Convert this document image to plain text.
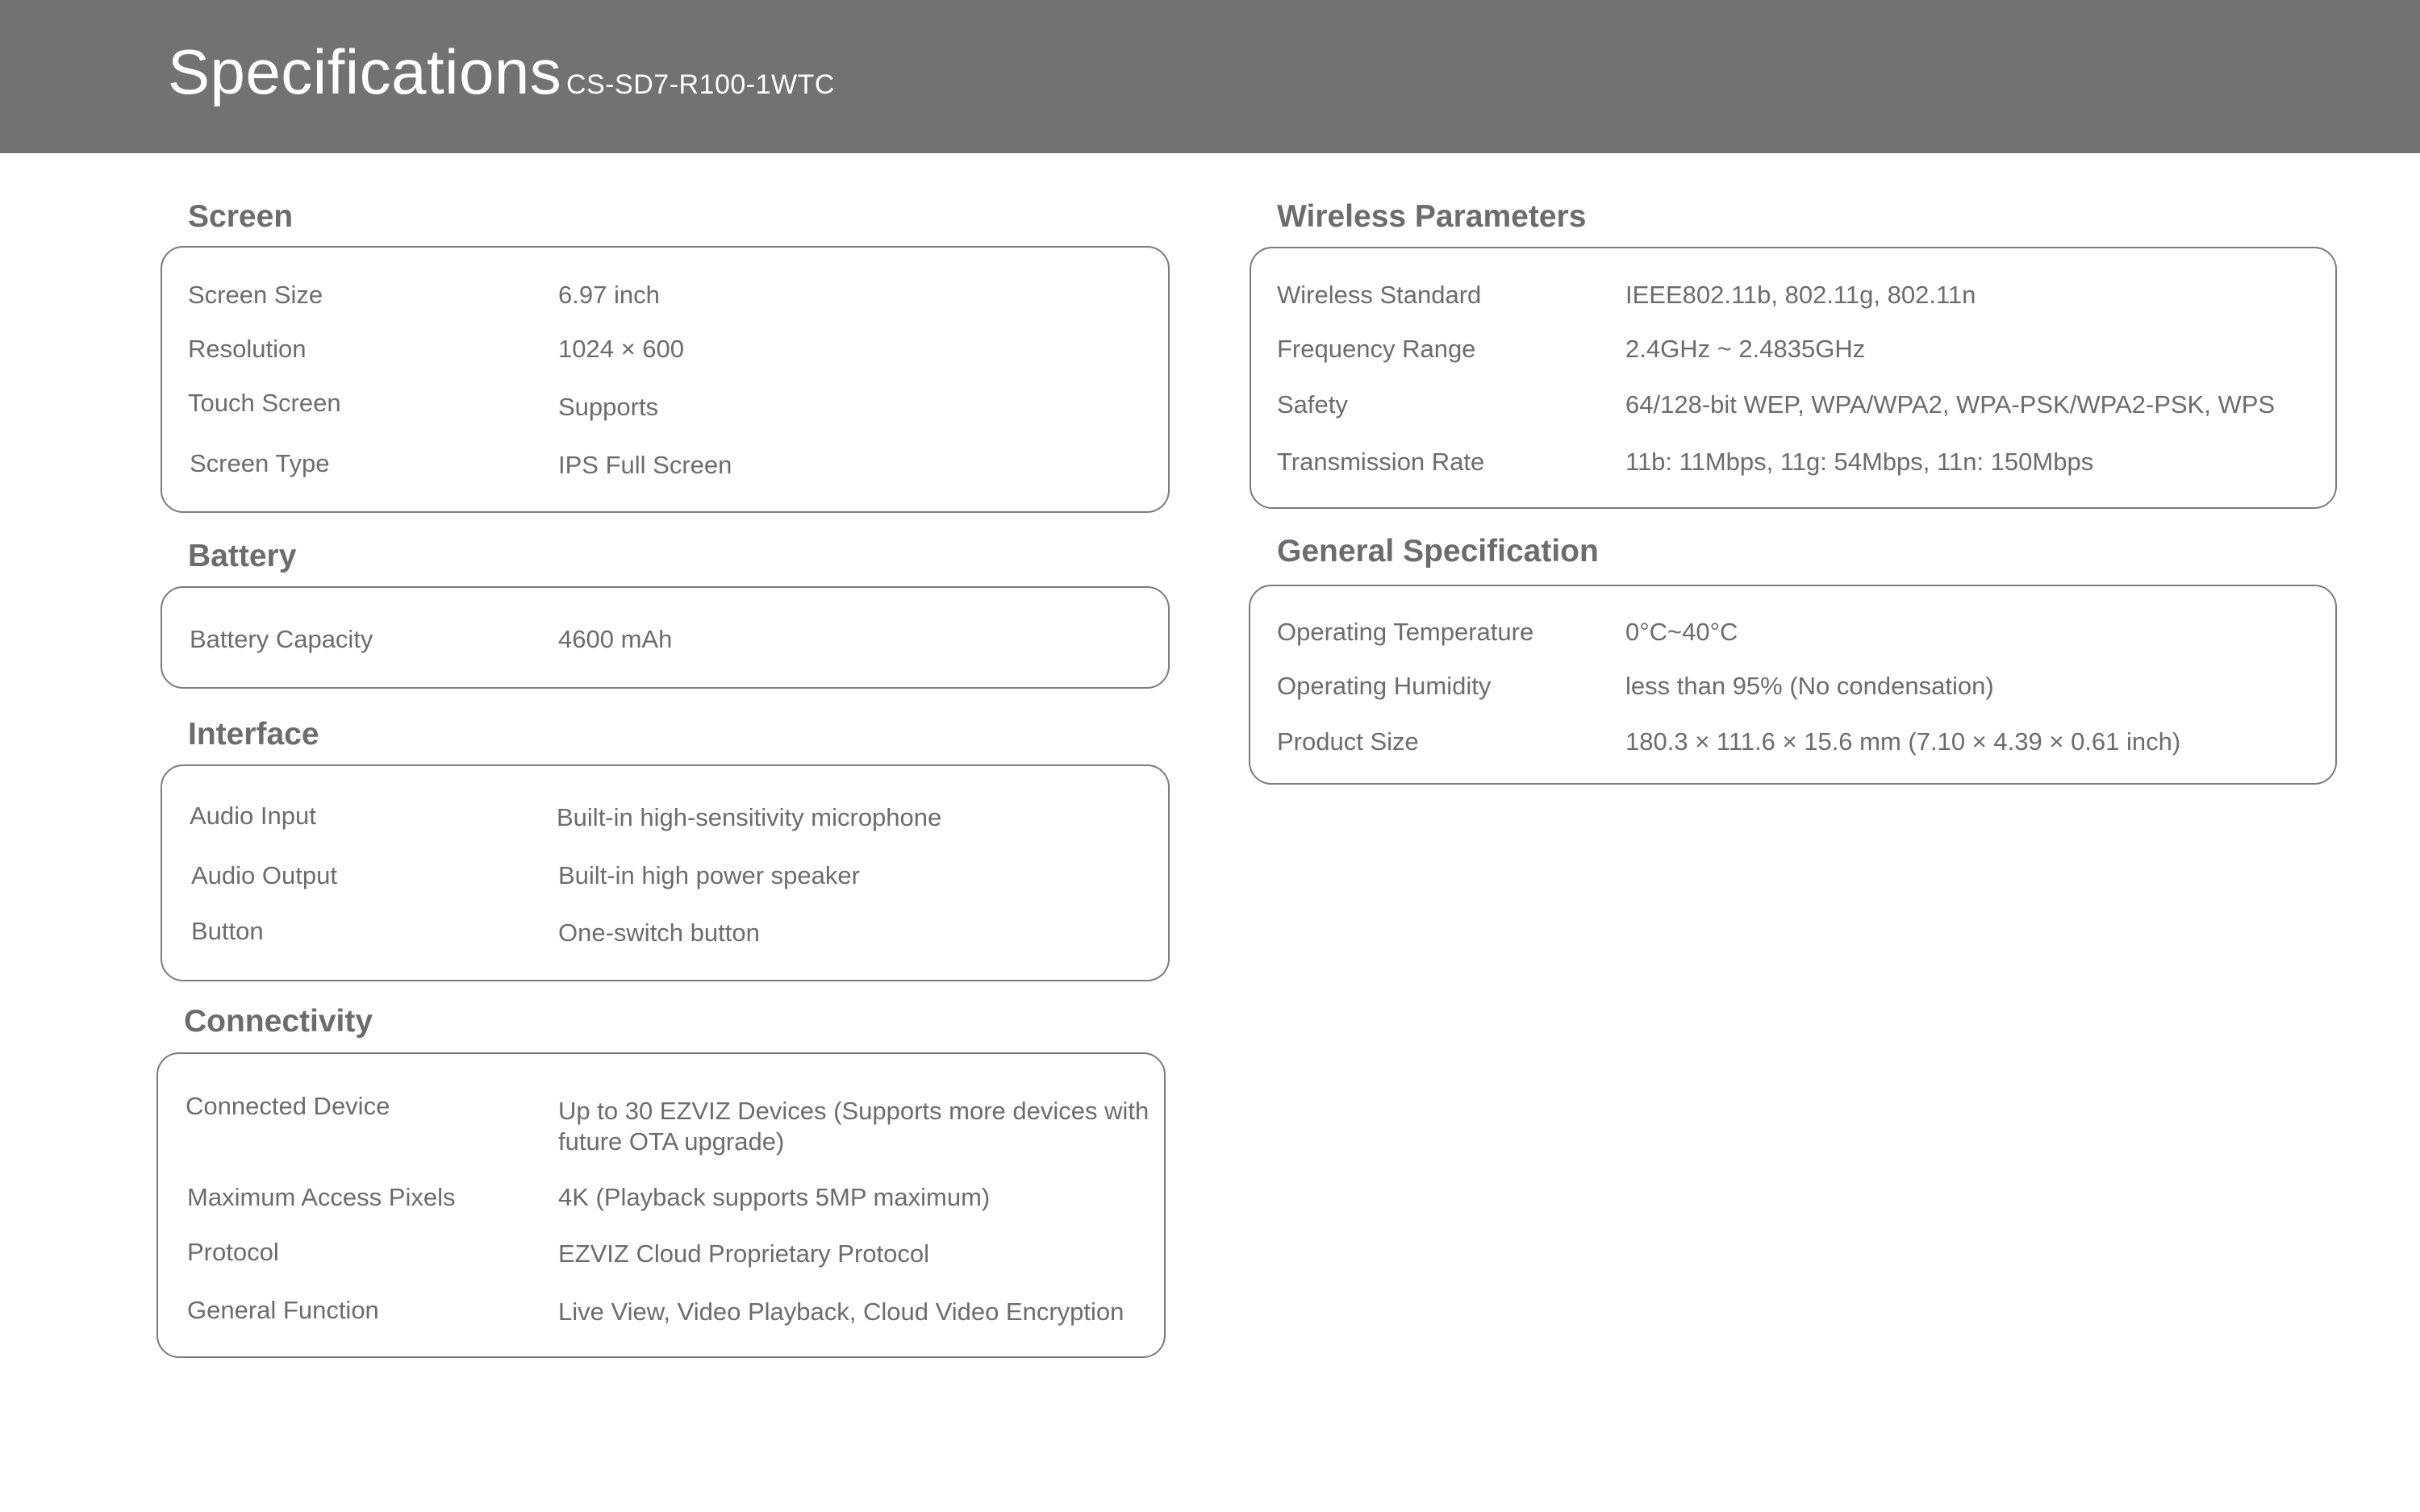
Specifications CS-SD7-R100-1WTC
Screen
Screen Size	6.97 inch
Resolution	1024 × 600
Touch Screen	Supports
Screen Type	IPS Full Screen
Battery
Battery Capacity	4600 mAh
Interface
Audio Input	Built-in high-sensitivity microphone
Audio Output	Built-in high power speaker
Button	One-switch button
Connectivity
Connected Device	Up to 30 EZVIZ Devices (Supports more devices with future OTA upgrade)
Maximum Access Pixels	4K (Playback supports 5MP maximum)
Protocol	EZVIZ Cloud Proprietary Protocol
General Function	Live View, Video Playback, Cloud Video Encryption
Wireless Parameters
Wireless Standard	IEEE802.11b, 802.11g, 802.11n
Frequency Range	2.4GHz ~ 2.4835GHz
Safety	64/128-bit WEP, WPA/WPA2, WPA-PSK/WPA2-PSK, WPS
Transmission Rate	11b: 11Mbps, 11g: 54Mbps, 11n: 150Mbps
General Specification
Operating Temperature	0°C~40°C
Operating Humidity	less than 95% (No condensation)
Product Size	180.3 × 111.6 × 15.6 mm (7.10 × 4.39 × 0.61 inch)
